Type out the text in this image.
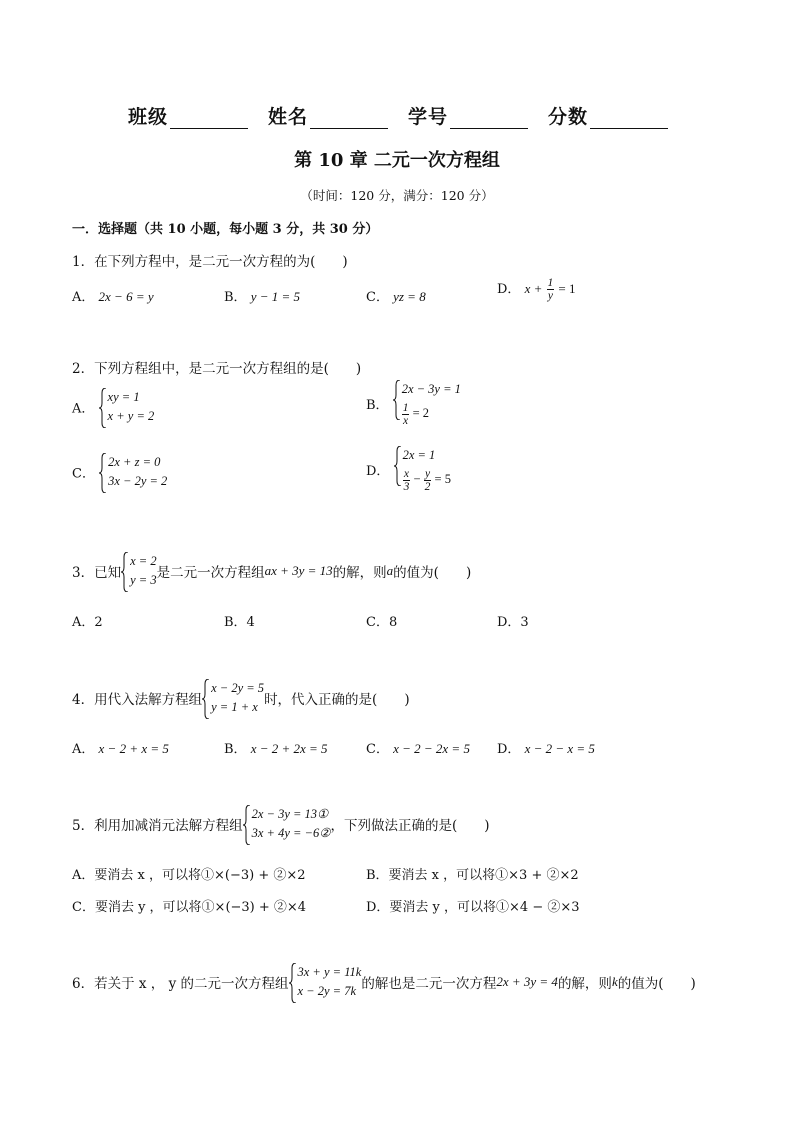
班级	姓名	学号	分数
第 10 章 二元一次方程组
（时间：120 分，满分：120 分）
一．选择题（共 10 小题，每小题 3 分，共 30 分）
1．在下列方程中，是二元一次方程的为(　　)
A． 2x − 6 = y	B． y − 1 = 5	C． yz = 8	D． $x + \frac{1}{y} = 1$
2．下列方程组中，是二元一次方程组的是(　　)
A．
xy = 1
x + y = 2
B．
2x − 3y = 1
$\frac{1}{x} = 2$
C．
2x + z = 0
3x − 2y = 2
D．
2x = 1
$\frac{x}{3} - \frac{y}{2} = 5$
3．已知
x = 2
y = 3 是二元一次方程组ax + 3y = 13的解，则a的值为(　　)
A．2	B．4	C．8	D．3
4．用代入法解方程组
x − 2y = 5
y = 1 + x 时，代入正确的是(　　)
A． x − 2 + x = 5	B． x − 2 + 2x = 5	C． x − 2 − 2x = 5 D． x − 2 − x = 5
5．利用加减消元法解方程组
2x − 3y = 13①
3x + 4y = −6② ，下列做法正确的是(　　)
A．要消去 x ，可以将①×(−3) + ②×2	B．要消去 x ，可以将①×3 + ②×2
C．要消去 y ，可以将①×(−3) + ②×4	D．要消去 y ，可以将①×4 − ②×3
6．若关于 x ， y 的二元一次方程组
3x + y = 11k
x − 2y = 7k 的解也是二元一次方程2x + 3y = 4的解，则k的值为(　　)
